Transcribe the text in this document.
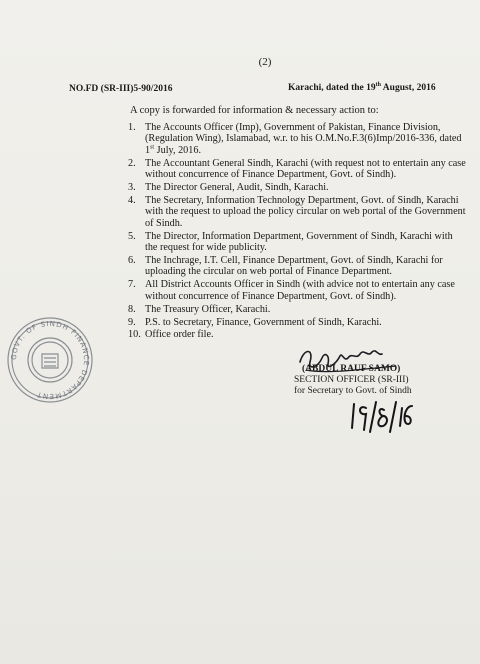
(2)
NO.FD (SR-III)5-90/2016	Karachi, dated the 19th August, 2016
A copy is forwarded for information & necessary action to:
1. The Accounts Officer (Imp), Government of Pakistan, Finance Division, (Regulation Wing), Islamabad, w.r. to his O.M.No.F.3(6)Imp/2016-336, dated 1st July, 2016.
2. The Accountant General Sindh, Karachi (with request not to entertain any case without concurrence of Finance Department, Govt. of Sindh).
3. The Director General, Audit, Sindh, Karachi.
4. The Secretary, Information Technology Department, Govt. of Sindh, Karachi with the request to upload the policy circular on web portal of the Government of Sindh.
5. The Director, Information Department, Government of Sindh, Karachi with the request for wide publicity.
6. The Inchrage, I.T. Cell, Finance Department, Govt. of Sindh, Karachi for uploading the circular on web portal of Finance Department.
7. All District Accounts Officer in Sindh (with advice not to entertain any case without concurrence of Finance Department, Govt. of Sindh).
8. The Treasury Officer, Karachi.
9. P.S. to Secretary, Finance, Government of Sindh, Karachi.
10. Office order file.
GOVT. OF SINDH FINANCE DEPARTMENT
(ABDUL RAUF SAMO)
SECTION OFFICER (SR-III)
for Secretary to Govt. of Sindh
